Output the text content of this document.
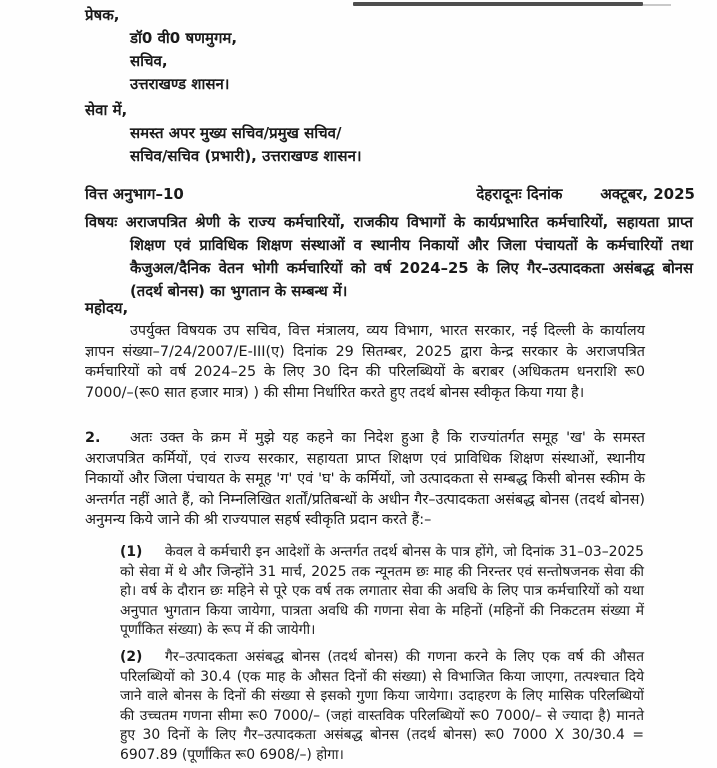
प्रेषक,
डॉ0 वी0 षणमुगम,
सचिव,
उत्तराखण्ड शासन।
सेवा में,
समस्त अपर मुख्य सचिव/प्रमुख सचिव/
सचिव/सचिव (प्रभारी), उत्तराखण्ड शासन।
वित्त अनुभाग–10	देहरादूनः दिनांक	अक्टूबर, 2025

विषयः अराजपत्रित श्रेणी के राज्य कर्मचारियों, राजकीय विभागों के कार्यप्रभारित कर्मचारियों, सहायता प्राप्त शिक्षण एवं प्राविधिक शिक्षण संस्थाओं व स्थानीय निकायों और जिला पंचायतों के कर्मचारियों तथा कैजुअल/दैनिक वेतन भोगी कर्मचारियों को वर्ष 2024–25 के लिए गैर–उत्पादकता असंबद्ध बोनस (तदर्थ बोनस) का भुगतान के सम्बन्ध में।

महोदय,

उपर्युक्त विषयक उप सचिव, वित्त मंत्रालय, व्यय विभाग, भारत सरकार, नई दिल्ली के कार्यालय ज्ञापन संख्या–7/24/2007/E-III(ए) दिनांक 29 सितम्बर, 2025 द्वारा केन्द्र सरकार के अराजपत्रित कर्मचारियों को वर्ष 2024–25 के लिए 30 दिन की परिलब्धियों के बराबर (अधिकतम धनराशि रू0 7000/–(रू0 सात हजार मात्र) ) की सीमा निर्धारित करते हुए तदर्थ बोनस स्वीकृत किया गया है।

2. अतः उक्त के क्रम में मुझे यह कहने का निदेश हुआ है कि राज्यांतर्गत समूह 'ख' के समस्त अराजपत्रित कर्मियों, एवं राज्य सरकार, सहायता प्राप्त शिक्षण एवं प्राविधिक शिक्षण संस्थाओं, स्थानीय निकायों और जिला पंचायत के समूह 'ग' एवं 'घ' के कर्मियों, जो उत्पादकता से सम्बद्ध किसी बोनस स्कीम के अन्तर्गत नहीं आते हैं, को निम्नलिखित शर्तों/प्रतिबन्धों के अधीन गैर–उत्पादकता असंबद्ध बोनस (तदर्थ बोनस) अनुमन्य किये जाने की श्री राज्यपाल सहर्ष स्वीकृति प्रदान करते हैं:–

(1) केवल वे कर्मचारी इन आदेशों के अन्तर्गत तदर्थ बोनस के पात्र होंगे, जो दिनांक 31–03–2025 को सेवा में थे और जिन्होंने 31 मार्च, 2025 तक न्यूनतम छः माह की निरन्तर एवं सन्तोषजनक सेवा की हो। वर्ष के दौरान छः महिने से पूरे एक वर्ष तक लगातार सेवा की अवधि के लिए पात्र कर्मचारियों को यथा अनुपात भुगतान किया जायेगा, पात्रता अवधि की गणना सेवा के महिनों (महिनों की निकटतम संख्या में पूर्णांकित संख्या) के रूप में की जायेगी।

(2) गैर–उत्पादकता असंबद्ध बोनस (तदर्थ बोनस) की गणना करने के लिए एक वर्ष की औसत परिलब्धियों को 30.4 (एक माह के औसत दिनों की संख्या) से विभाजित किया जाएगा, तत्पश्चात दिये जाने वाले बोनस के दिनों की संख्या से इसको गुणा किया जायेगा। उदाहरण के लिए मासिक परिलब्धियों की उच्चतम गणना सीमा रू0 7000/– (जहां वास्तविक परिलब्धियों रू0 7000/– से ज्यादा है) मानते हुए 30 दिनों के लिए गैर–उत्पादकता असंबद्ध बोनस (तदर्थ बोनस) रू0 7000 X 30/30.4 = 6907.89 (पूर्णांकित रू0 6908/–) होगा।
